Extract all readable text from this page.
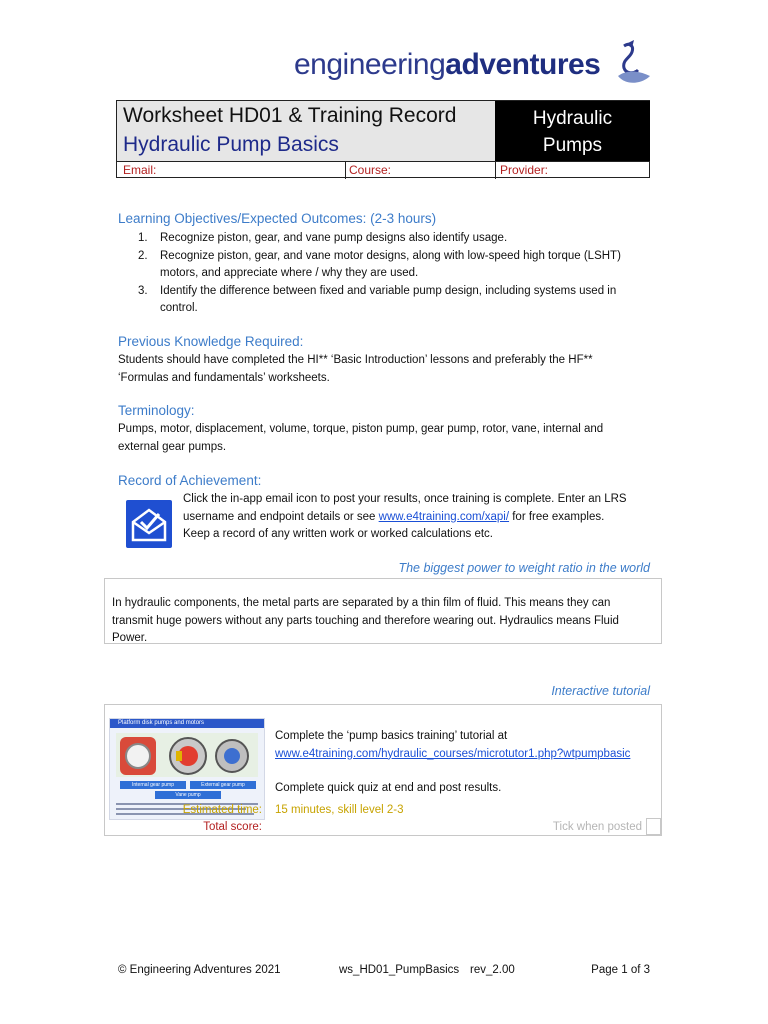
engineeringadventures
Worksheet HD01 & Training Record
Hydraulic Pump Basics
Hydraulic
Pumps
Email:	Course:	Provider:
Learning Objectives/Expected Outcomes: (2-3 hours)
1. Recognize piston, gear, and vane pump designs also identify usage.
2. Recognize piston, gear, and vane motor designs, along with low-speed high torque (LSHT) motors, and appreciate where / why they are used.
3. Identify the difference between fixed and variable pump design, including systems used in control.
Previous Knowledge Required:
Students should have completed the HI** ‘Basic Introduction’ lessons and preferably the HF** ‘Formulas and fundamentals’ worksheets.
Terminology:
Pumps, motor, displacement, volume, torque, piston pump, gear pump, rotor, vane, internal and external gear pumps.
Record of Achievement:
Click the in-app email icon to post your results, once training is complete. Enter an LRS
username and endpoint details or see www.e4training.com/xapi/ for free examples.
Keep a record of any written work or worked calculations etc.
The biggest power to weight ratio in the world
In hydraulic components, the metal parts are separated by a thin film of fluid. This means they can transmit huge powers without any parts touching and therefore wearing out. Hydraulics means Fluid Power.
Interactive tutorial
Platform disk pumps and motors
Internal gear pump	External gear pump
Vane pump
Complete the ‘pump basics training’ tutorial at
www.e4training.com/hydraulic_courses/microtutor1.php?wtpumpbasic
Complete quick quiz at end and post results.
Estimated time: 15 minutes, skill level 2-3
Total score:	Tick when posted
© Engineering Adventures 2021	ws_HD01_PumpBasics rev_2.00	Page 1 of 3
